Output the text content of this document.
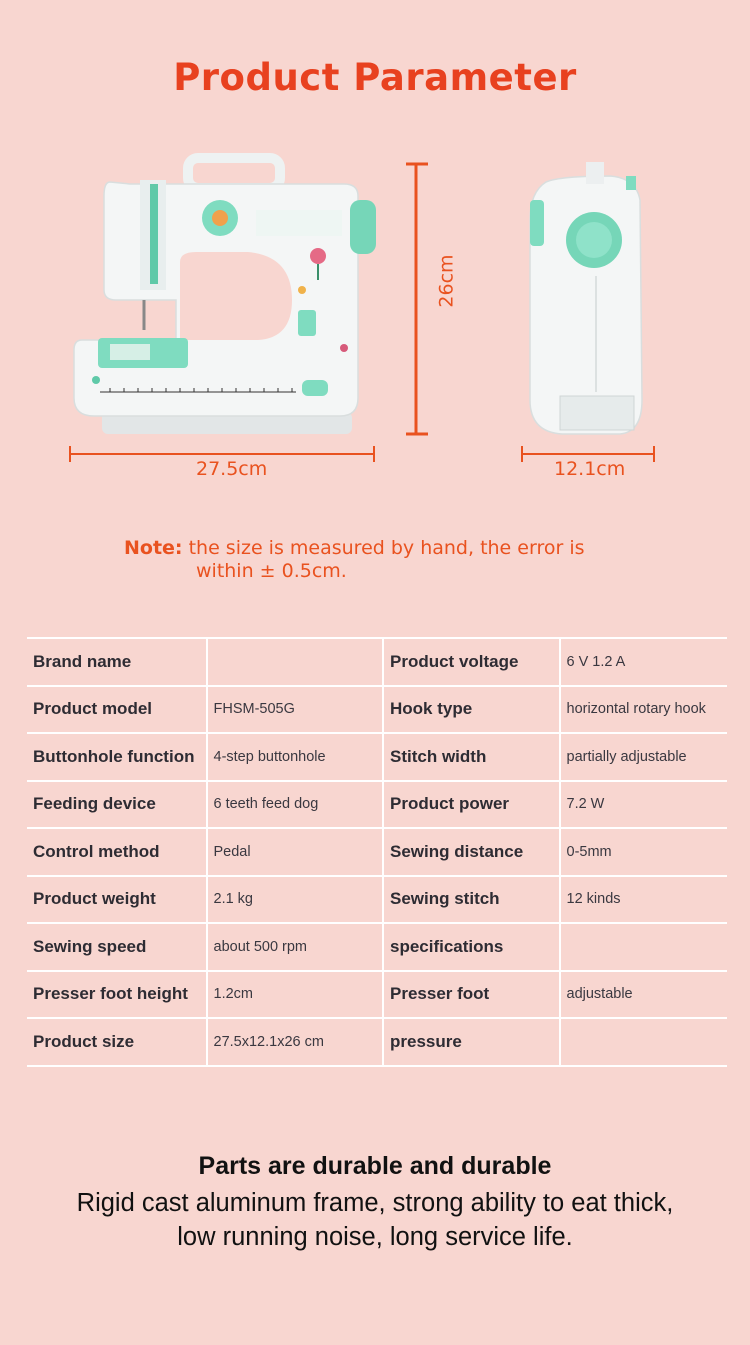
Product Parameter
27.5cm	12.1cm
26cm
Note: the size is measured by hand, the error is
within ± 0.5cm.
Brand name		Product voltage	6 V 1.2 A
Product model	FHSM-505G	Hook type	horizontal rotary hook
Buttonhole function	4-step buttonhole	Stitch width	partially adjustable
Feeding device	6 teeth feed dog	Product power	7.2 W
Control method	Pedal	Sewing distance	0-5mm
Product weight	2.1 kg	Sewing stitch	12 kinds
Sewing speed	about 500 rpm	specifications	
Presser foot height	1.2cm	Presser foot	adjustable
Product size	27.5x12.1x26 cm	pressure	
Parts are durable and durable
Rigid cast aluminum frame, strong ability to eat thick,
low running noise, long service life.
